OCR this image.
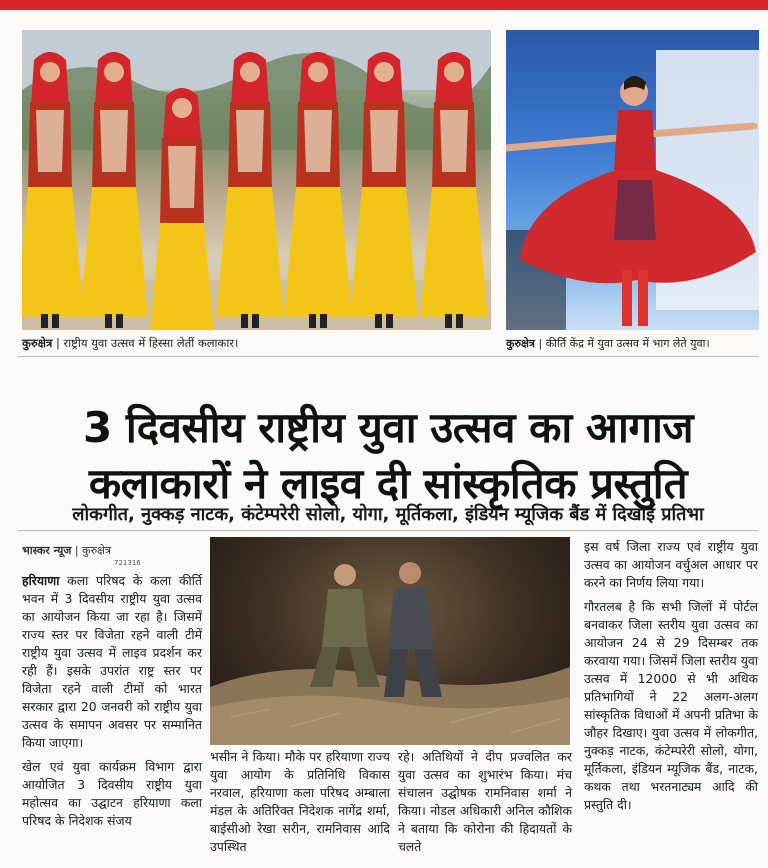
कुरुक्षेत्र | राष्ट्रीय युवा उत्सव में हिस्सा लेतीं कलाकार।	कुरुक्षेत्र | कीर्ति केंद्र में युवा उत्सव में भाग लेते युवा।
3 दिवसीय राष्ट्रीय युवा उत्सव का आगाज
कलाकारों ने लाइव दी सांस्कृतिक प्रस्तुति
लोकगीत, नुक्कड़ नाटक, कंटेम्परेरी सोलो, योगा, मूर्तिकला, इंडियन म्यूजिक बैंड में दिखाई प्रतिभा
भास्कर न्यूज | कुरुक्षेत्र
721316

हरियाणा कला परिषद के कला कीर्ति भवन में 3 दिवसीय राष्ट्रीय युवा उत्सव का आयोजन किया जा रहा है। जिसमें राज्य स्तर पर विजेता रहने वाली टीमें राष्ट्रीय युवा उत्सव में लाइव प्रदर्शन कर रही हैं। इसके उपरांत राष्ट्र स्तर पर विजेता रहने वाली टीमों को भारत सरकार द्वारा 20 जनवरी को राष्ट्रीय युवा उत्सव के समापन अवसर पर सम्मानित किया जाएगा।

खेल एवं युवा कार्यक्रम विभाग द्वारा आयोजित 3 दिवसीय राष्ट्रीय युवा महोत्सव का उद्घाटन हरियाणा कला परिषद के निदेशक संजय

भसीन ने किया। मौके पर हरियाणा राज्य युवा आयोग के प्रतिनिधि विकास नरवाल, हरियाणा कला परिषद अम्बाला मंडल के अतिरिक्त निदेशक नागेंद्र शर्मा, बाईसीओ रेखा सरीन, रामनिवास आदि उपस्थित

रहे। अतिथियों ने दीप प्रज्वलित कर युवा उत्सव का शुभारंभ किया। मंच संचालन उद्घोषक रामनिवास शर्मा ने किया। नोडल अधिकारी अनिल कौशिक ने बताया कि कोरोना की हिदायतों के चलते

इस वर्ष जिला राज्य एवं राष्ट्रीय युवा उत्सव का आयोजन वर्चुअल आधार पर करने का निर्णय लिया गया।

गौरतलब है कि सभी जिलों में पोर्टल बनवाकर जिला स्तरीय युवा उत्सव का आयोजन 24 से 29 दिसम्बर तक करवाया गया। जिसमें जिला स्तरीय युवा उत्सव में 12000 से भी अधिक प्रतिभागियों ने 22 अलग-अलग सांस्कृतिक विधाओं में अपनी प्रतिभा के जौहर दिखाए। युवा उत्सव में लोकगीत, नुक्कड़ नाटक, कंटेम्परेरी सोलो, योगा, मूर्तिकला, इंडियन म्यूजिक बैंड, नाटक, कथक तथा भरतनाट्यम आदि की प्रस्तुति दी।
